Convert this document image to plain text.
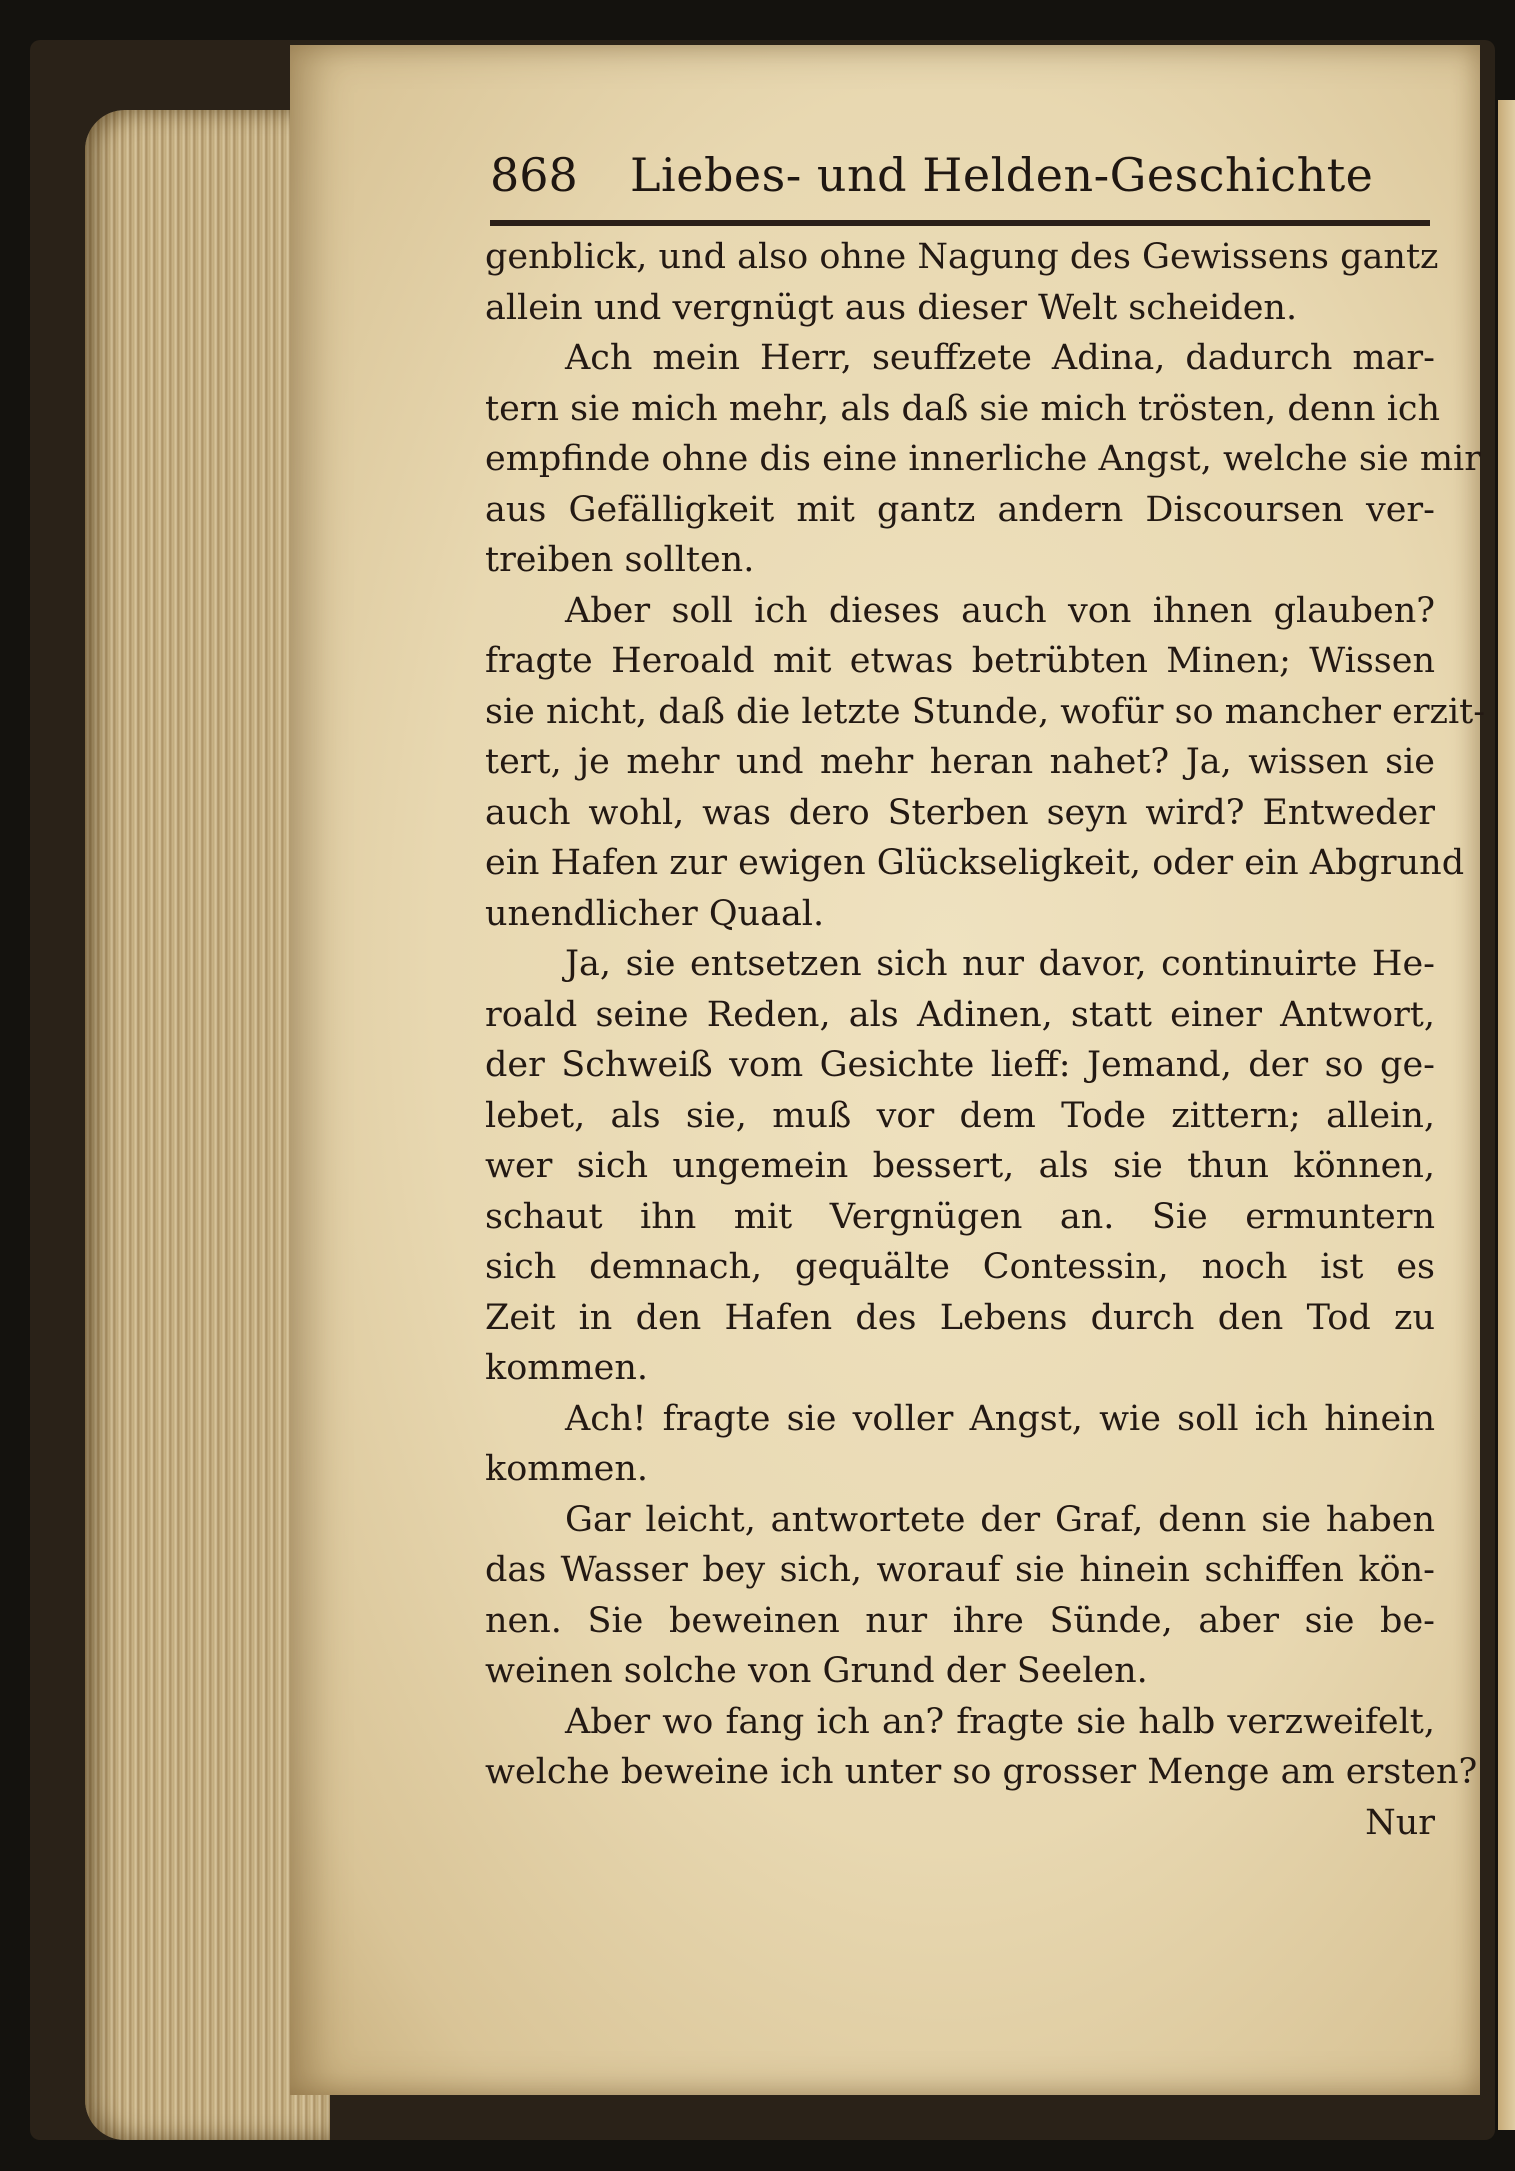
868 Liebes- und Helden-Geschichte
genblick, und also ohne Nagung des Gewissens gantz
allein und vergnügt aus dieser Welt scheiden.
Ach mein Herr, seuffzete Adina, dadurch mar-
tern sie mich mehr, als daß sie mich trösten, denn ich
empfinde ohne dis eine innerliche Angst, welche sie mir
aus Gefälligkeit mit gantz andern Discoursen ver-
treiben sollten.
Aber soll ich dieses auch von ihnen glauben?
fragte Heroald mit etwas betrübten Minen; Wissen
sie nicht, daß die letzte Stunde, wofür so mancher erzit-
tert, je mehr und mehr heran nahet? Ja, wissen sie
auch wohl, was dero Sterben seyn wird? Entweder
ein Hafen zur ewigen Glückseligkeit, oder ein Abgrund
unendlicher Quaal.
Ja, sie entsetzen sich nur davor, continuirte He-
roald seine Reden, als Adinen, statt einer Antwort,
der Schweiß vom Gesichte lieff: Jemand, der so ge-
lebet, als sie, muß vor dem Tode zittern; allein,
wer sich ungemein bessert, als sie thun können,
schaut ihn mit Vergnügen an. Sie ermuntern
sich demnach, gequälte Contessin, noch ist es
Zeit in den Hafen des Lebens durch den Tod zu
kommen.
Ach! fragte sie voller Angst, wie soll ich hinein
kommen.
Gar leicht, antwortete der Graf, denn sie haben
das Wasser bey sich, worauf sie hinein schiffen kön-
nen. Sie beweinen nur ihre Sünde, aber sie be-
weinen solche von Grund der Seelen.
Aber wo fang ich an? fragte sie halb verzweifelt,
welche beweine ich unter so grosser Menge am ersten?
Nur
